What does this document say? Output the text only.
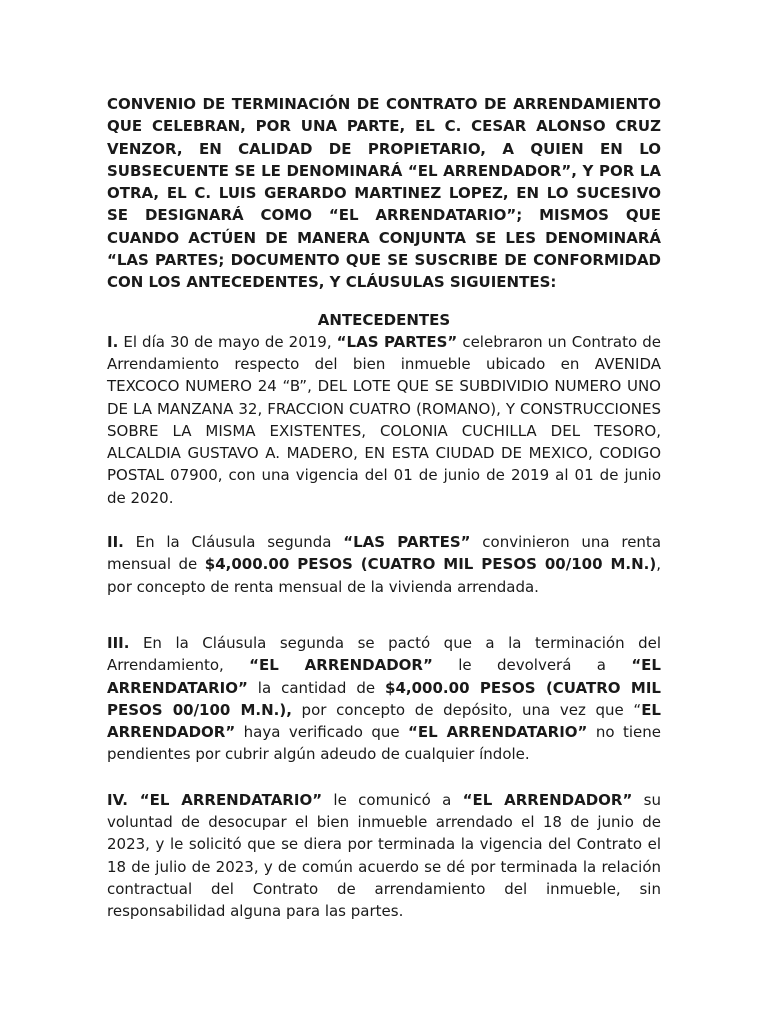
CONVENIO DE TERMINACIÓN DE CONTRATO DE ARRENDAMIENTO QUE CELEBRAN, POR UNA PARTE, EL C. CESAR ALONSO CRUZ VENZOR, EN CALIDAD DE PROPIETARIO, A QUIEN EN LO SUBSECUENTE SE LE DENOMINARÁ “EL ARRENDADOR”, Y POR LA OTRA, EL C. LUIS GERARDO MARTINEZ LOPEZ, EN LO SUCESIVO SE DESIGNARÁ COMO “EL ARRENDATARIO”; MISMOS QUE CUANDO ACTÚEN DE MANERA CONJUNTA SE LES DENOMINARÁ “LAS PARTES; DOCUMENTO QUE SE SUSCRIBE DE CONFORMIDAD CON LOS ANTECEDENTES, Y CLÁUSULAS SIGUIENTES:

ANTECEDENTES

I. El día 30 de mayo de 2019, “LAS PARTES” celebraron un Contrato de Arrendamiento respecto del bien inmueble ubicado en AVENIDA TEXCOCO NUMERO 24 “B”, DEL LOTE QUE SE SUBDIVIDIO NUMERO UNO DE LA MANZANA 32, FRACCION CUATRO (ROMANO), Y CONSTRUCCIONES SOBRE LA MISMA EXISTENTES, COLONIA CUCHILLA DEL TESORO, ALCALDIA GUSTAVO A. MADERO, EN ESTA CIUDAD DE MEXICO, CODIGO POSTAL 07900, con una vigencia del 01 de junio de 2019 al 01 de junio de 2020.

II. En la Cláusula segunda “LAS PARTES” convinieron una renta mensual de $4,000.00 PESOS (CUATRO MIL PESOS 00/100 M.N.), por concepto de renta mensual de la vivienda arrendada.

III. En la Cláusula segunda se pactó que a la terminación del Arrendamiento, “EL ARRENDADOR” le devolverá a “EL ARRENDATARIO” la cantidad de $4,000.00 PESOS (CUATRO MIL PESOS 00/100 M.N.), por concepto de depósito, una vez que “EL ARRENDADOR” haya verificado que “EL ARRENDATARIO” no tiene pendientes por cubrir algún adeudo de cualquier índole.

IV. “EL ARRENDATARIO” le comunicó a “EL ARRENDADOR” su voluntad de desocupar el bien inmueble arrendado el 18 de junio de 2023, y le solicitó que se diera por terminada la vigencia del Contrato el 18 de julio de 2023, y de común acuerdo se dé por terminada la relación contractual del Contrato de arrendamiento del inmueble, sin responsabilidad alguna para las partes.
